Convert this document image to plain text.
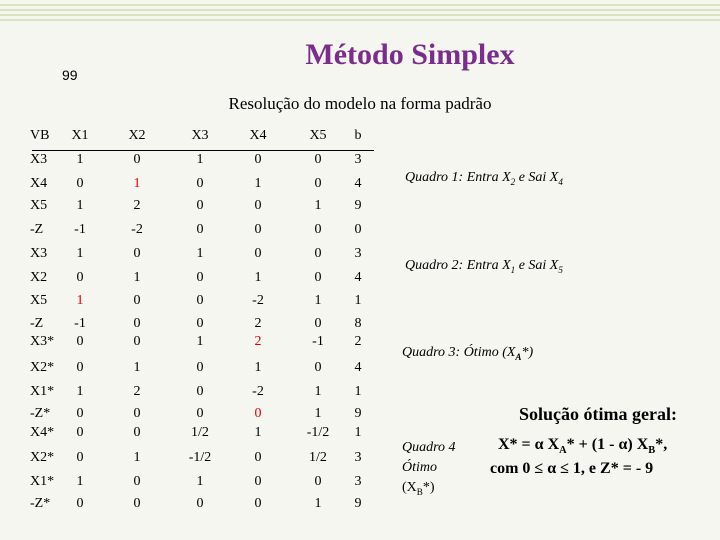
Método Simplex
99
Resolução do modelo na forma padrão
VB	X1	X2	X3	X4	X5	b
X3	1	0	1	0	0	3
X4	0	1	0	1	0	4
X5	1	2	0	0	1	9
-Z	-1	-2	0	0	0	0
X3	1	0	1	0	0	3
X2	0	1	0	1	0	4
X5	1	0	0	-2	1	1
-Z	-1	0	0	2	0	8
X3*	0	0	1	2	-1	2
X2*	0	1	0	1	0	4
X1*	1	2	0	-2	1	1
-Z*	0	0	0	0	1	9
X4*	0	0	1/2	1	-1/2	1
X2*	0	1	-1/2	0	1/2	3
X1*	1	0	1	0	0	3
-Z*	0	0	0	0	1	9
Quadro 1: Entra $X_2$ e Sai $X_4$
Quadro 2: Entra $X_1$ e Sai $X_5$
Quadro 3: Ótimo $(X_A*)$
Quadro 4
Ótimo
$(X_B*)$
Solução ótima geral:
X* = α $X_A* + (1 - \alpha)$ $X_B*$,
com 0 ≤ α ≤ 1, e Z* = - 9
